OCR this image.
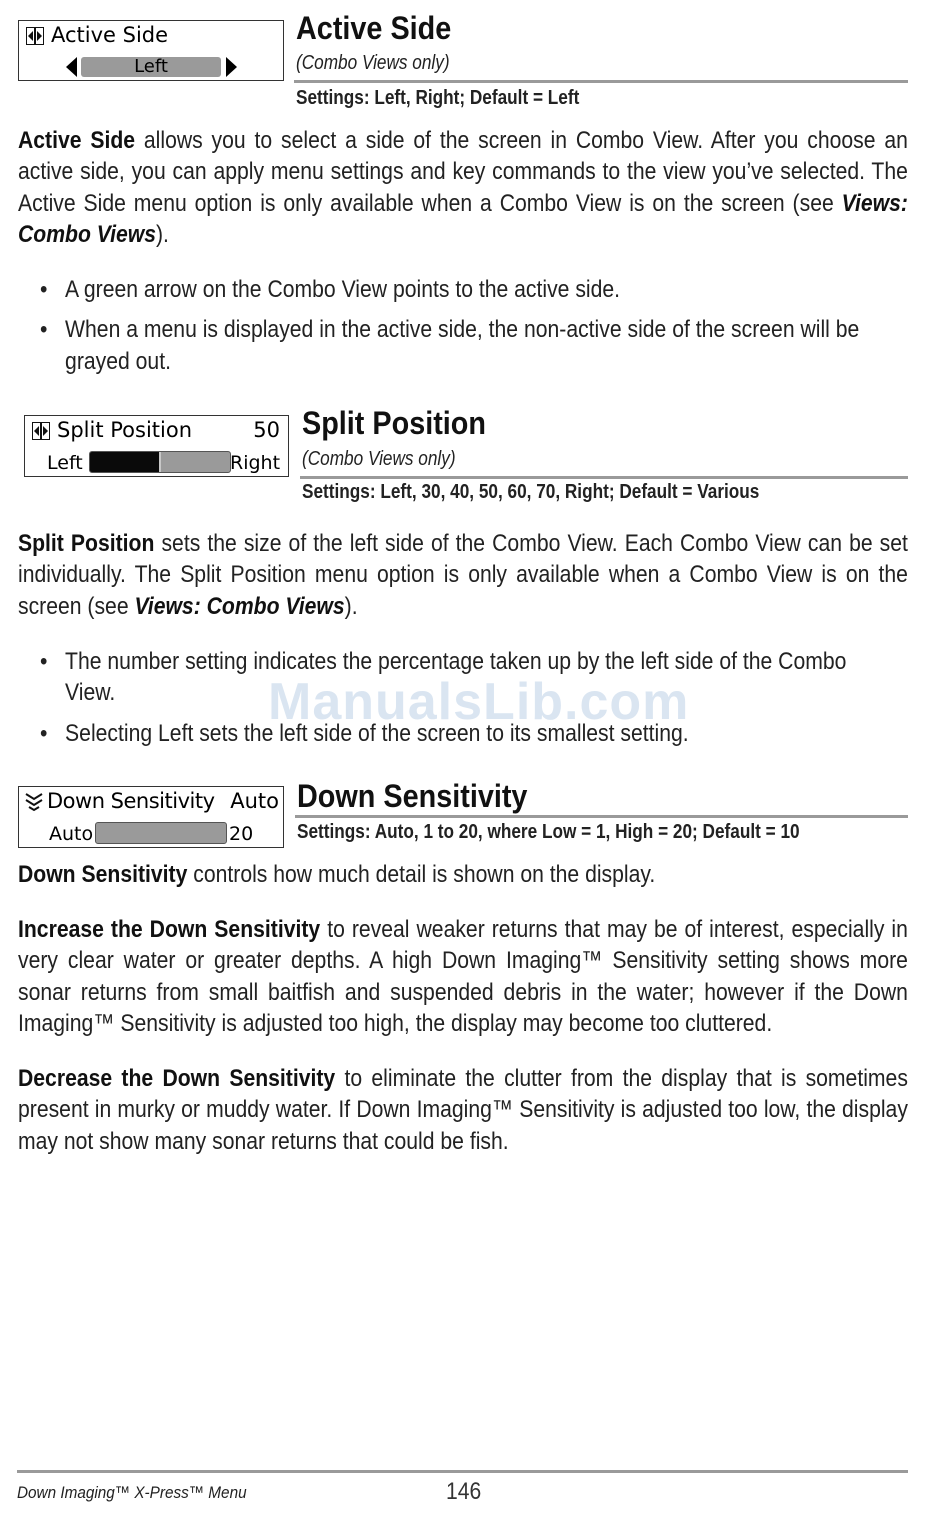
Active Side
Left
Active Side
(Combo Views only)
Settings: Left, Right; Default = Left

Active Side allows you to select a side of the screen in Combo View. After you choose an active side, you can apply menu settings and key commands to the view you’ve selected. The Active Side menu option is only available when a Combo View is on the screen (see Views: Combo Views).

• A green arrow on the Combo View points to the active side.
• When a menu is displayed in the active side, the non-active side of the screen will be grayed out.
Split Position	50
Left	Right
Split Position
(Combo Views only)
Settings: Left, 30, 40, 50, 60, 70, Right; Default = Various

Split Position sets the size of the left side of the Combo View. Each Combo View can be set individually. The Split Position menu option is only available when a Combo View is on the screen (see Views: Combo Views).

• The number setting indicates the percentage taken up by the left side of the Combo View.
• Selecting Left sets the left side of the screen to its smallest setting.
ManualsLib.com
Down Sensitivity Auto
Auto	20
Down Sensitivity
Settings: Auto, 1 to 20, where Low = 1, High = 20; Default = 10

Down Sensitivity controls how much detail is shown on the display.

Increase the Down Sensitivity to reveal weaker returns that may be of interest, especially in very clear water or greater depths. A high Down Imaging™ Sensitivity setting shows more sonar returns from small baitfish and suspended debris in the water; however if the Down Imaging™ Sensitivity is adjusted too high, the display may become too cluttered.

Decrease the Down Sensitivity to eliminate the clutter from the display that is sometimes present in murky or muddy water. If Down Imaging™ Sensitivity is adjusted too low, the display may not show many sonar returns that could be fish.

Down Imaging™ X-Press™ Menu	146
